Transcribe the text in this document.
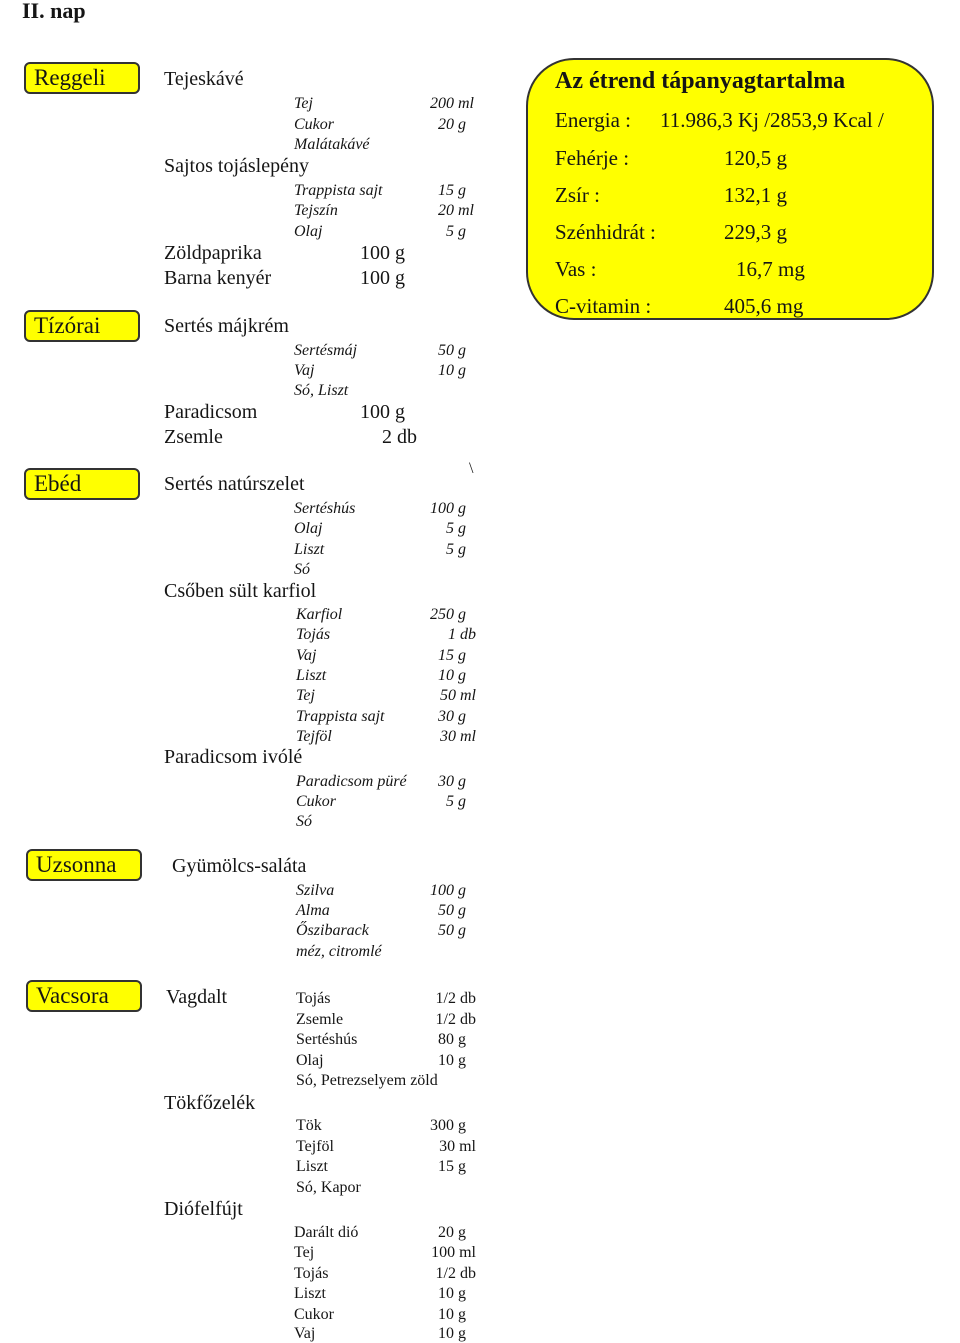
II. nap
Reggeli
Tízórai
Ebéd
Uzsonna
Vacsora
Tejeskávé
Tej	200 ml
Cukor	20 g
Malátakávé
Sajtos tojáslepény
Trappista sajt	15 g
Tejszín	20 ml
Olaj	5 g
Zöldpaprika	100 g
Barna kenyér	100 g
Sertés májkrém
Sertésmáj	50 g
Vaj	10 g
Só, Liszt
Paradicsom	100 g
Zsemle	2 db
\
Sertés natúrszelet
Sertéshús	100 g
Olaj	5 g
Liszt	5 g
Só
Csőben sült karfiol
Karfiol	250 g
Tojás	1 db
Vaj	15 g
Liszt	10 g
Tej	50 ml
Trappista sajt	30 g
Tejföl	30 ml
Paradicsom ivólé
Paradicsom püré 30 g
Cukor	5 g
Só
Gyümölcs-saláta
Szilva	100 g
Alma	50 g
Őszibarack	50 g
méz, citromlé
Vagdalt	Tojás	1/2 db
Zsemle	1/2 db
Sertéshús	80 g
Olaj	10 g
Só, Petrezselyem zöld
Tökfőzelék
Tök	300 g
Tejföl	30 ml
Liszt	15 g
Só, Kapor
Diófelfújt
Darált dió	20 g
Tej	100 ml
Tojás	1/2 db
Liszt	10 g
Cukor	10 g
Vaj	10 g
Az étrend tápanyagtartalma
Energia : 11.986,3 Kj /2853,9 Kcal /
Fehérje :	120,5 g
Zsír :	132,1 g
Szénhidrát :	229,3 g
Vas :	16,7 mg
C-vitamin :	405,6 mg
